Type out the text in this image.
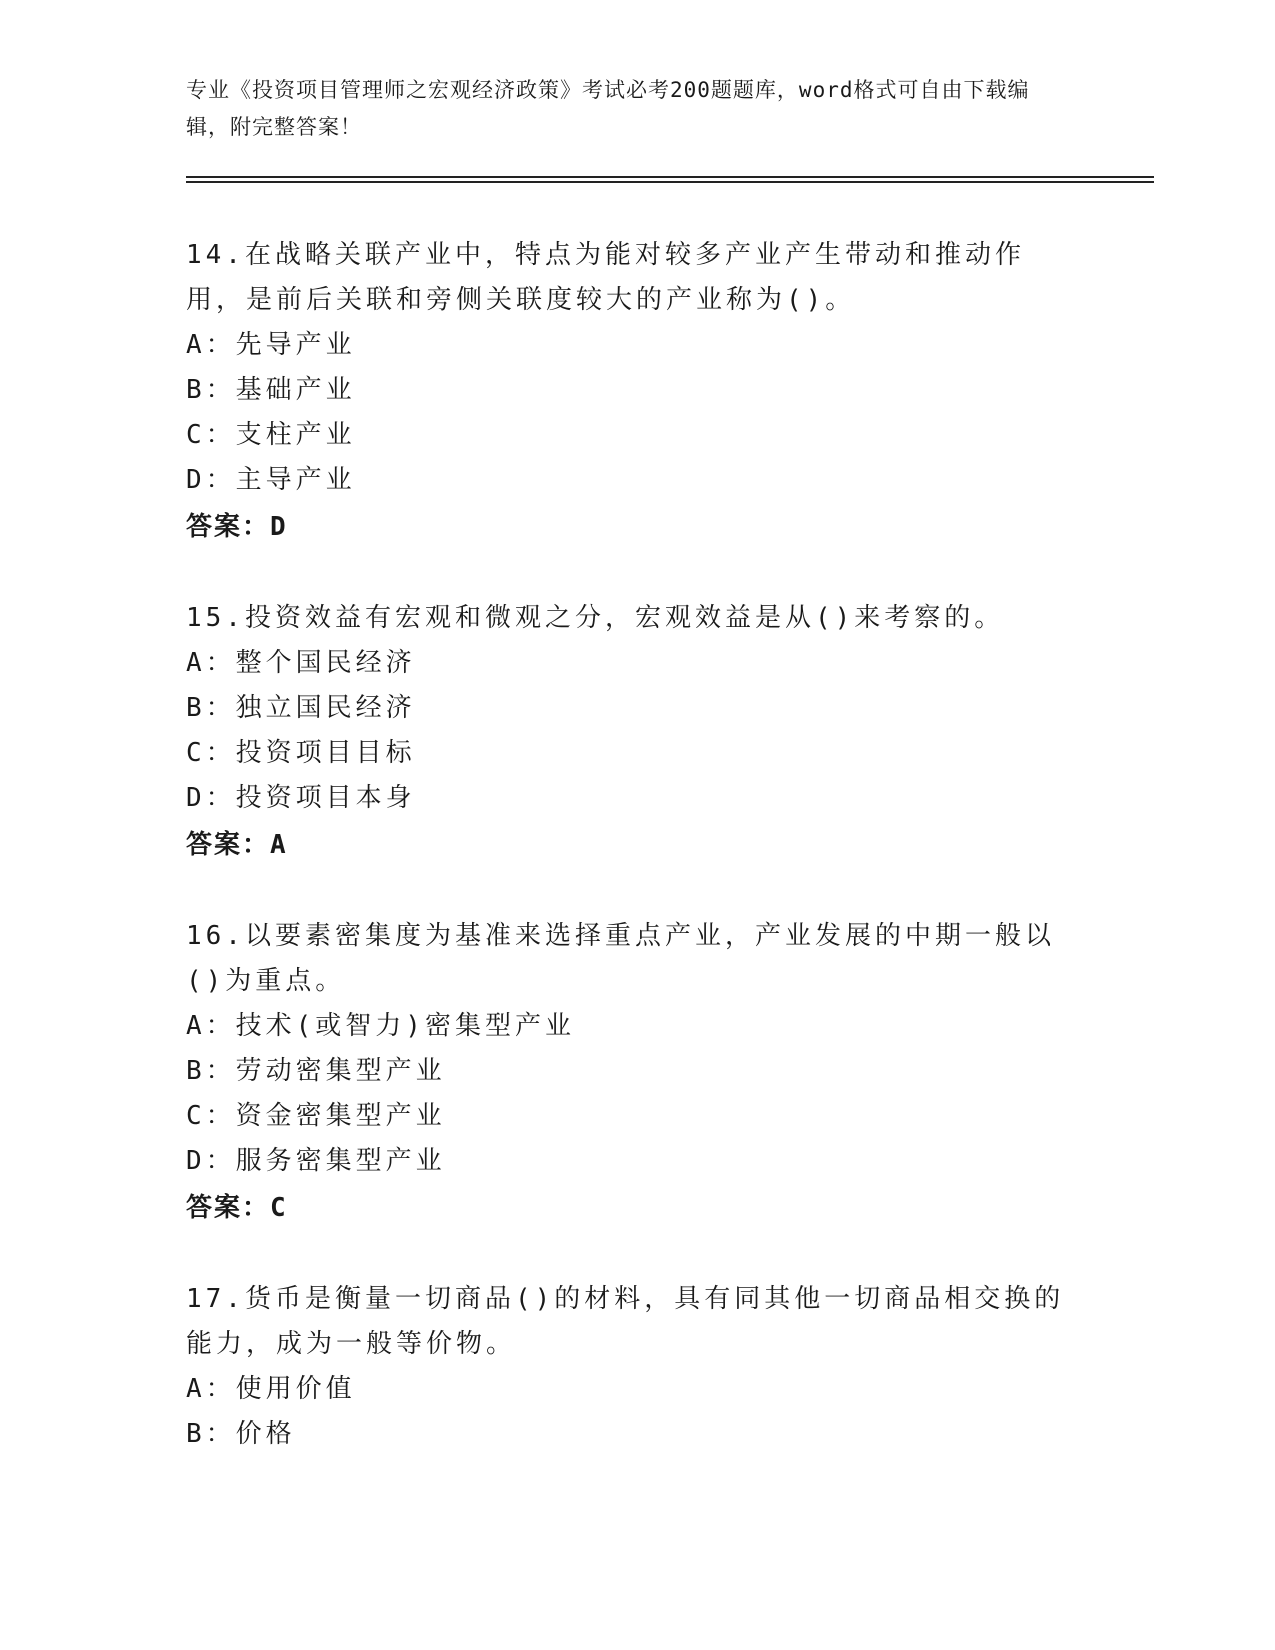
专业《投资项目管理师之宏观经济政策》考试必考200题题库，word格式可自由下载编辑，附完整答案！
14.在战略关联产业中，特点为能对较多产业产生带动和推动作用，是前后关联和旁侧关联度较大的产业称为()。
A：先导产业
B：基础产业
C：支柱产业
D：主导产业
答案：D
15.投资效益有宏观和微观之分，宏观效益是从()来考察的。
A：整个国民经济
B：独立国民经济
C：投资项目目标
D：投资项目本身
答案：A
16.以要素密集度为基准来选择重点产业，产业发展的中期一般以()为重点。
A：技术(或智力)密集型产业
B：劳动密集型产业
C：资金密集型产业
D：服务密集型产业
答案：C
17.货币是衡量一切商品()的材料，具有同其他一切商品相交换的能力，成为一般等价物。
A：使用价值
B：价格
